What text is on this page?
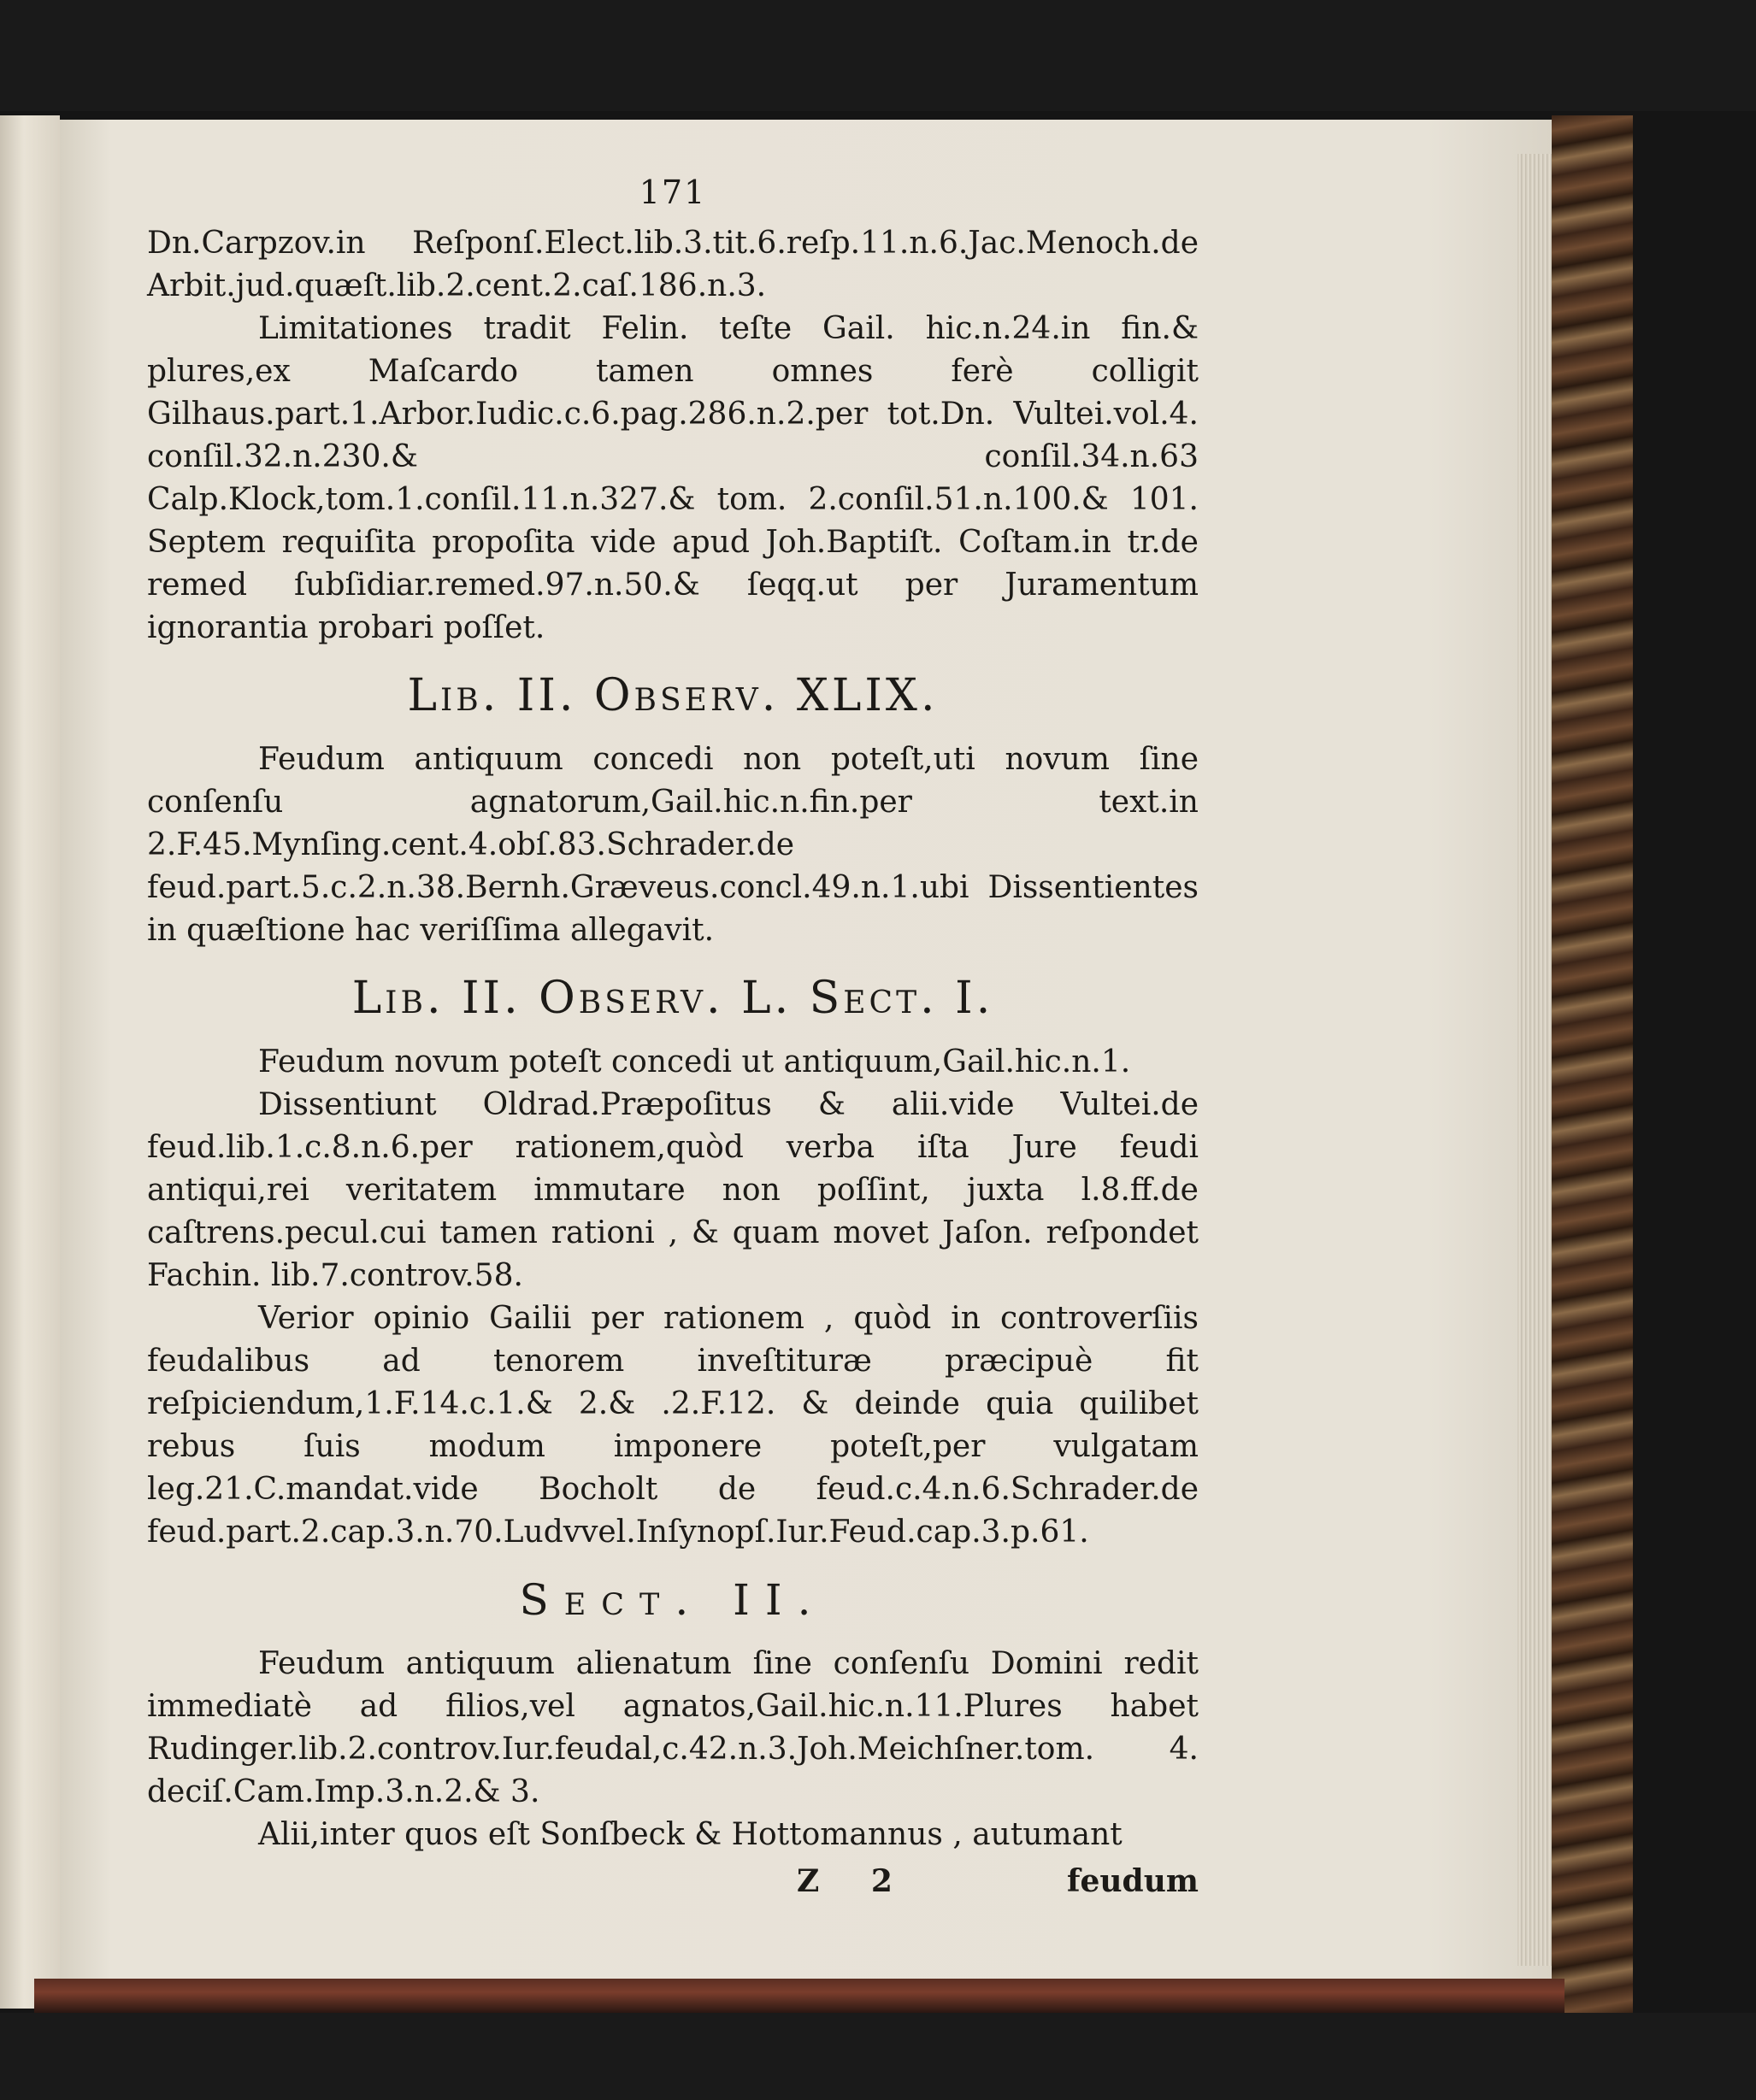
171

Dn.Carpzov.in Reſponſ.Elect.lib.3.tit.6.reſp.11.n.6.Jac.Menoch.de Arbit.jud.quæſt.lib.2.cent.2.caſ.186.n.3.

Limitationes tradit Felin. teſte Gail. hic.n.24.in fin.& plures,ex Maſcardo tamen omnes ferè colligit Gilhaus.part.1.Arbor.Iudic.c.6.pag.286.n.2.per tot.Dn. Vultei.vol.4. conſil.32.n.230.& conſil.34.n.63 Calp.Klock,tom.1.conſil.11.n.327.& tom. 2.conſil.51.n.100.& 101. Septem requiſita propoſita vide apud Joh.Baptiſt. Coſtam.in tr.de remed ſubſidiar.remed.97.n.50.& ſeqq.ut per Juramentum ignorantia probari poſſet.

Lib. II. Observ. XLIX.

Feudum antiquum concedi non poteſt,uti novum ſine conſenſu agnatorum,Gail.hic.n.fin.per text.in 2.F.45.Mynſing.cent.4.obſ.83.Schrader.de feud.part.5.c.2.n.38.Bernh.Græveus.concl.49.n.1.ubi Dissentientes in quæſtione hac veriſſima allegavit.

Lib. II. Observ. L. Sect. I.

Feudum novum poteſt concedi ut antiquum,Gail.hic.n.1.

Dissentiunt Oldrad.Præpoſitus & alii.vide Vultei.de feud.lib.1.c.8.n.6.per rationem,quòd verba iſta Jure feudi antiqui,rei veritatem immutare non poſſint, juxta l.8.ff.de caſtrens.pecul.cui tamen rationi , & quam movet Jaſon. reſpondet Fachin. lib.7.controv.58.

Verior opinio Gailii per rationem , quòd in controverſiis feudalibus ad tenorem inveſtituræ præcipuè fit reſpiciendum,1.F.14.c.1.& 2.& .2.F.12. & deinde quia quilibet rebus ſuis modum imponere poteſt,per vulgatam leg.21.C.mandat.vide Bocholt de feud.c.4.n.6.Schrader.de feud.part.2.cap.3.n.70.Ludvvel.Inſynopſ.Iur.Feud.cap.3.p.61.

Sect. II.

Feudum antiquum alienatum ſine conſenſu Domini redit immediatè ad filios,vel agnatos,Gail.hic.n.11.Plures habet Rudinger.lib.2.controv.Iur.feudal,c.42.n.3.Joh.Meichſner.tom. 4. deciſ.Cam.Imp.3.n.2.& 3.

Alii,inter quos eſt Sonſbeck & Hottomannus , autumant

Z 2	feudum
